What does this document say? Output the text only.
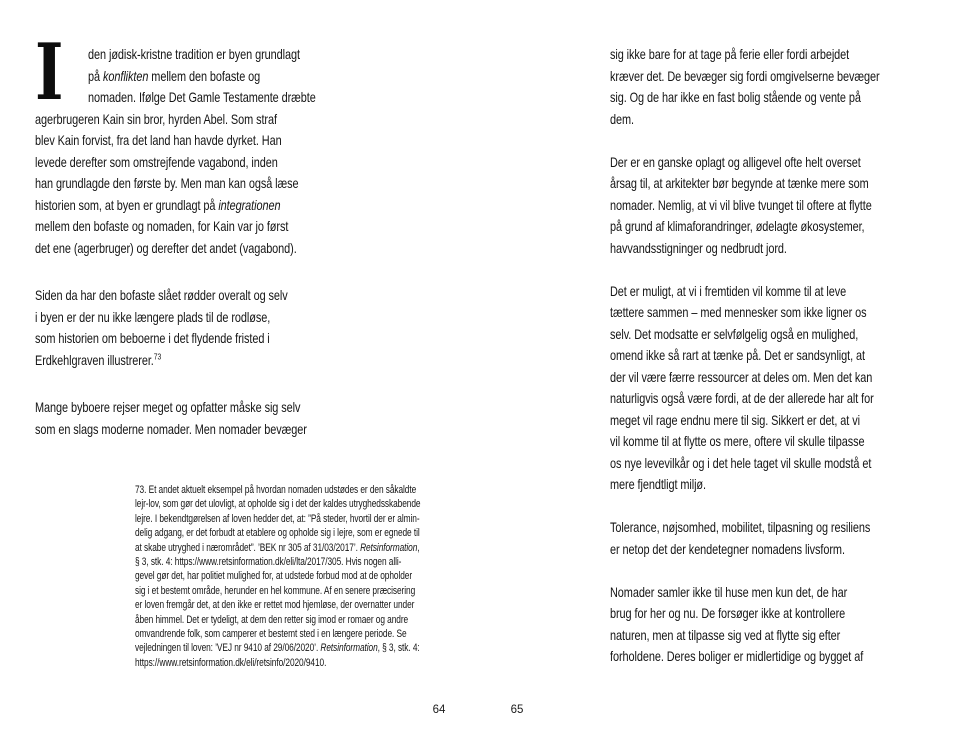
I	den jødisk-kristne tradition er byen grundlagt
på konflikten mellem den bofaste og
nomaden. Ifølge Det Gamle Testamente dræbte
agerbrugeren Kain sin bror, hyrden Abel. Som straf
blev Kain forvist, fra det land han havde dyrket. Han
levede derefter som omstrejfende vagabond, inden
han grundlagde den første by. Men man kan også læse
historien som, at byen er grundlagt på integrationen
mellem den bofaste og nomaden, for Kain var jo først
det ene (agerbruger) og derefter det andet (vagabond).

Siden da har den bofaste slået rødder overalt og selv
i byen er der nu ikke længere plads til de rodløse,
som historien om beboerne i det flydende fristed i
Erdkehlgraven illustrerer.$^{73}$

Mange byboere rejser meget og opfatter måske sig selv
som en slags moderne nomader. Men nomader bevæger

73. Et andet aktuelt eksempel på hvordan nomaden udstødes er den såkaldte
lejr-lov, som gør det ulovligt, at opholde sig i det der kaldes utryghedsskabende
lejre. I bekendtgørelsen af loven hedder det, at: ”På steder, hvortil der er almin-
delig adgang, er det forbudt at etablere og opholde sig i lejre, som er egnede til
at skabe utryghed i nærområdet”. ’BEK nr 305 af 31/03/2017’. Retsinformation,
§ 3, stk. 4: https://www.retsinformation.dk/eli/lta/2017/305. Hvis nogen alli-
gevel gør det, har politiet mulighed for, at udstede forbud mod at de opholder
sig i et bestemt område, herunder en hel kommune. Af en senere præcisering
er loven fremgår det, at den ikke er rettet mod hjemløse, der overnatter under
åben himmel. Det er tydeligt, at dem den retter sig imod er romaer og andre
omvandrende folk, som camperer et bestemt sted i en længere periode. Se
vejledningen til loven: ’VEJ nr 9410 af 29/06/2020’. Retsinformation, § 3, stk. 4:
https://www.retsinformation.dk/eli/retsinfo/2020/9410.

sig ikke bare for at tage på ferie eller fordi arbejdet
kræver det. De bevæger sig fordi omgivelserne bevæger
sig. Og de har ikke en fast bolig stående og vente på
dem.

Der er en ganske oplagt og alligevel ofte helt overset
årsag til, at arkitekter bør begynde at tænke mere som
nomader. Nemlig, at vi vil blive tvunget til oftere at flytte
på grund af klimaforandringer, ødelagte økosystemer,
havvandsstigninger og nedbrudt jord.

Det er muligt, at vi i fremtiden vil komme til at leve
tættere sammen – med mennesker som ikke ligner os
selv. Det modsatte er selvfølgelig også en mulighed,
omend ikke så rart at tænke på. Det er sandsynligt, at
der vil være færre ressourcer at deles om. Men det kan
naturligvis også være fordi, at de der allerede har alt for
meget vil rage endnu mere til sig. Sikkert er det, at vi
vil komme til at flytte os mere, oftere vil skulle tilpasse
os nye levevilkår og i det hele taget vil skulle modstå et
mere fjendtligt miljø.

Tolerance, nøjsomhed, mobilitet, tilpasning og resiliens
er netop det der kendetegner nomadens livsform.

Nomader samler ikke til huse men kun det, de har
brug for her og nu. De forsøger ikke at kontrollere
naturen, men at tilpasse sig ved at flytte sig efter
forholdene. Deres boliger er midlertidige og bygget af

64	65
